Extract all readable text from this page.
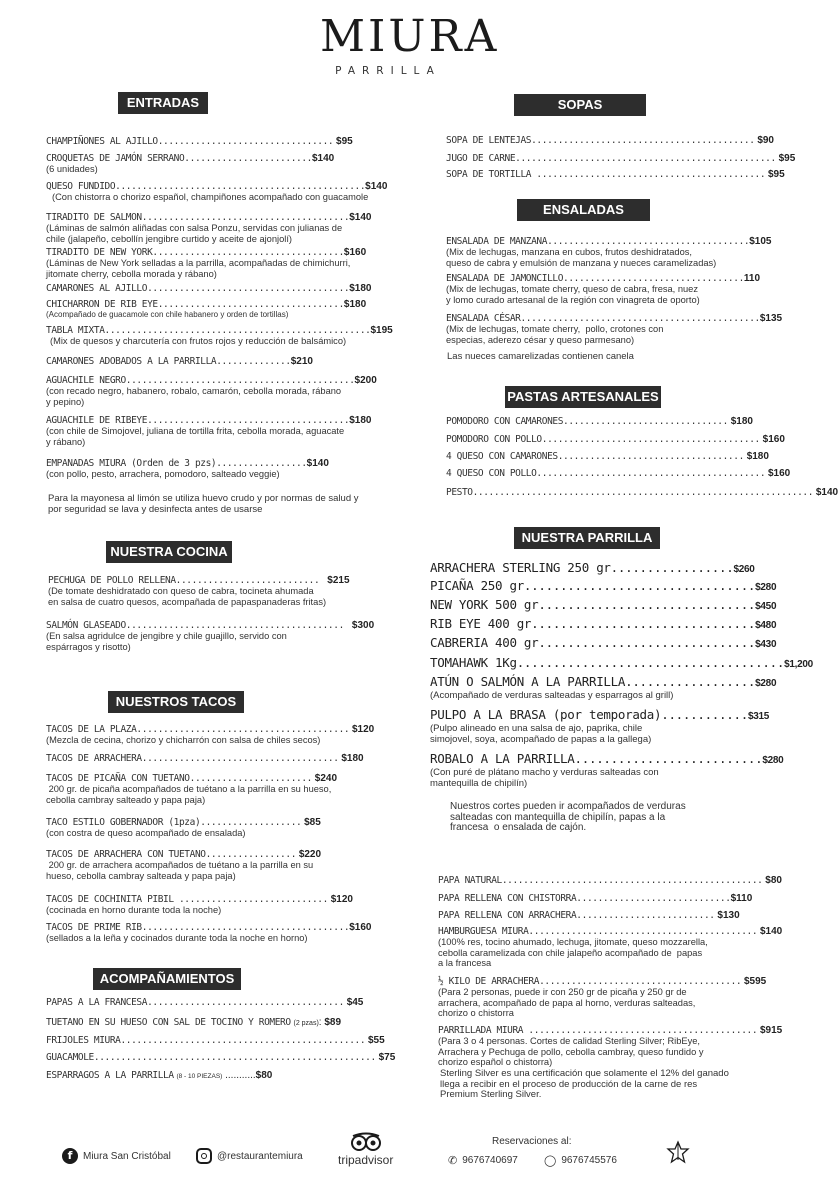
MIURA
PARRILLA
ENTRADAS
CHAMPIÑONES AL AJILLO................................. $95
CROQUETAS DE JAMÓN SERRANO........................$140
(6 unidades)
QUESO FUNDIDO...............................................$140
(Con chistorra o chorizo español, champiñones acompañado con guacamole
TIRADITO DE SALMON.......................................$140
(Láminas de salmón aliñadas con salsa Ponzu, servidas con julianas de
chile (jalapeño, cebollín jengibre curtido y aceite de ajonjolí)
TIRADITO DE NEW YORK....................................$160
(Láminas de New York selladas a la parrilla, acompañadas de chimichurri,
jitomate cherry, cebolla morada y rábano)
CAMARONES AL AJILLO......................................$180
CHICHARRON DE RIB EYE...................................$180
(Acompañado de guacamole con chile habanero y orden de tortillas)
TABLA MIXTA..................................................$195
(Mix de quesos y charcutería con frutos rojos y reducción de balsámico)
CAMARONES ADOBADOS A LA PARRILLA..............$210
AGUACHILE NEGRO...........................................$200
(con recado negro, habanero, robalo, camarón, cebolla morada, rábano
y pepino)
AGUACHILE DE RIBEYE......................................$180
(con chile de Simojovel, juliana de tortilla frita, cebolla morada, aguacate
y rábano)
EMPANADAS MIURA (Orden de 3 pzs).................$140
(con pollo, pesto, arrachera, pomodoro, salteado veggie)
Para la mayonesa al limón se utiliza huevo crudo y por normas de salud y
por seguridad se lava y desinfecta antes de usarse
NUESTRA COCINA
PECHUGA DE POLLO RELLENA........................... $215
(De tomate deshidratado con queso de cabra, tocineta ahumada
en salsa de cuatro quesos, acompañada de papaspanaderas fritas)
SALMÓN GLASEADO......................................... $300
(En salsa agridulce de jengibre y chile guajillo, servido con
espárragos y risotto)
NUESTROS TACOS
TACOS DE LA PLAZA........................................ $120
(Mezcla de cecina, chorizo y chicharrón con salsa de chiles secos)
TACOS DE ARRACHERA..................................... $180
TACOS DE PICAÑA CON TUETANO....................... $240
200 gr. de picaña acompañados de tuétano a la parrilla en su hueso,
cebolla cambray salteado y papa paja)
TACO ESTILO GOBERNADOR (1pza)................... $85
(con costra de queso acompañado de ensalada)
TACOS DE ARRACHERA CON TUETANO................. $220
200 gr. de arrachera acompañados de tuétano a la parrilla en su
hueso, cebolla cambray salteada y papa paja)
TACOS DE COCHINITA PIBIL ............................ $120
(cocinada en horno durante toda la noche)
TACOS DE PRIME RIB.......................................$160
(sellados a la leña y cocinados durante toda la noche en horno)
ACOMPAÑAMIENTOS
PAPAS A LA FRANCESA..................................... $45
TUETANO EN SU HUESO CON SAL DE TOCINO Y ROMERO (2 pzas): $89
FRIJOLES MIURA.............................................. $55
GUACAMOLE..................................................... $75
ESPARRAGOS A LA PARRILLA (8 - 10 PIEZAS) ...........$80
SOPAS
SOPA DE LENTEJAS.......................................... $90
JUGO DE CARNE................................................. $95
SOPA DE TORTILLA ........................................... $95
ENSALADAS
ENSALADA DE MANZANA......................................$105
(Mix de lechugas, manzana en cubos, frutos deshidratados,
queso de cabra y emulsión de manzana y nueces caramelizadas)
ENSALADA DE JAMONCILLO..................................110
(Mix de lechugas, tomate cherry, queso de cabra, fresa, nuez
y lomo curado artesanal de la región con vinagreta de oporto)
ENSALADA CÉSAR.............................................$135
(Mix de lechugas, tomate cherry,  pollo, crotones con
especias, aderezo césar y queso parmesano)
Las nueces camarelizadas contienen canela
PASTAS ARTESANALES
POMODORO CON CAMARONES............................... $180
POMODORO CON POLLO......................................... $160
4 QUESO CON CAMARONES................................... $180
4 QUESO CON POLLO........................................... $160
PESTO................................................................ $140
NUESTRA PARRILLA
ARRACHERA STERLING 250 gr.................$260
PICAÑA 250 gr................................$280
NEW YORK 500 gr..............................$450
RIB EYE 400 gr...............................$480
CABRERIA 400 gr..............................$430
TOMAHAWK 1Kg.....................................$1,200
ATÚN O SALMÓN A LA PARRILLA..................$280
(Acompañado de verduras salteadas y esparragos al grill)
PULPO A LA BRASA (por temporada)............$315
(Pulpo alineado en una salsa de ajo, paprika, chile
simojovel, soya, acompañado de papas a la gallega)
ROBALO A LA PARRILLA..........................$280
(Con puré de plátano macho y verduras salteadas con
mantequilla de chipilín)
Nuestros cortes pueden ir acompañados de verduras
salteadas con mantequilla de chipilín, papas a la
francesa  o ensalada de cajón.
PAPA NATURAL................................................. $80
PAPA RELLENA CON CHISTORRA.............................$110
PAPA RELLENA CON ARRACHERA.......................... $130
HAMBURGUESA MIURA........................................... $140
(100% res, tocino ahumado, lechuga, jitomate, queso mozzarella,
cebolla caramelizada con chile jalapeño acompañado de  papas
a la francesa
½ KILO DE ARRACHERA...................................... $595
(Para 2 personas, puede ir con 250 gr de picaña y 250 gr de
arrachera, acompañado de papa al horno, verduras salteadas,
chorizo o chistorra
PARRILLADA MIURA ........................................... $915
(Para 3 o 4 personas. Cortes de calidad Sterling Silver; RibEye,
Arrachera y Pechuga de pollo, cebolla cambray, queso fundido y
chorizo español o chistorra)
Sterling Silver es una certificación que solamente el 12% del ganado
llega a recibir en el proceso de producción de la carne de res
Premium Sterling Silver.
f	Miura San Cristóbal	@restaurantemiura	tripadvisor
Reservaciones al:
✆ 9676740697 ◯ 9676745576
